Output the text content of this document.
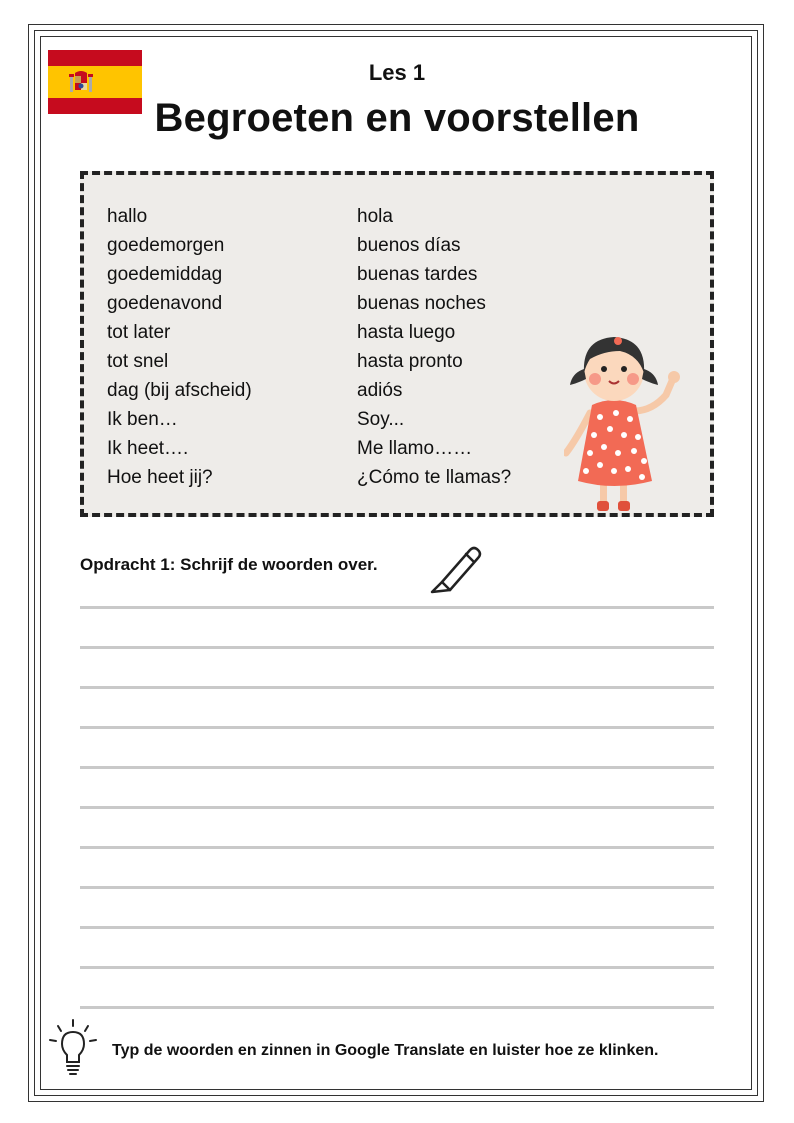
Les 1
Begroeten en voorstellen
hallo
goedemorgen
goedemiddag
goedenavond
tot later
tot snel
dag (bij afscheid)
Ik ben…
Ik heet….
Hoe heet jij?
hola
buenos días
buenas tardes
buenas noches
hasta luego
hasta pronto
adiós
Soy...
Me llamo……
¿Cómo te llamas?
Opdracht 1: Schrijf de woorden over.
Typ de woorden en zinnen in Google Translate en luister hoe ze klinken.
